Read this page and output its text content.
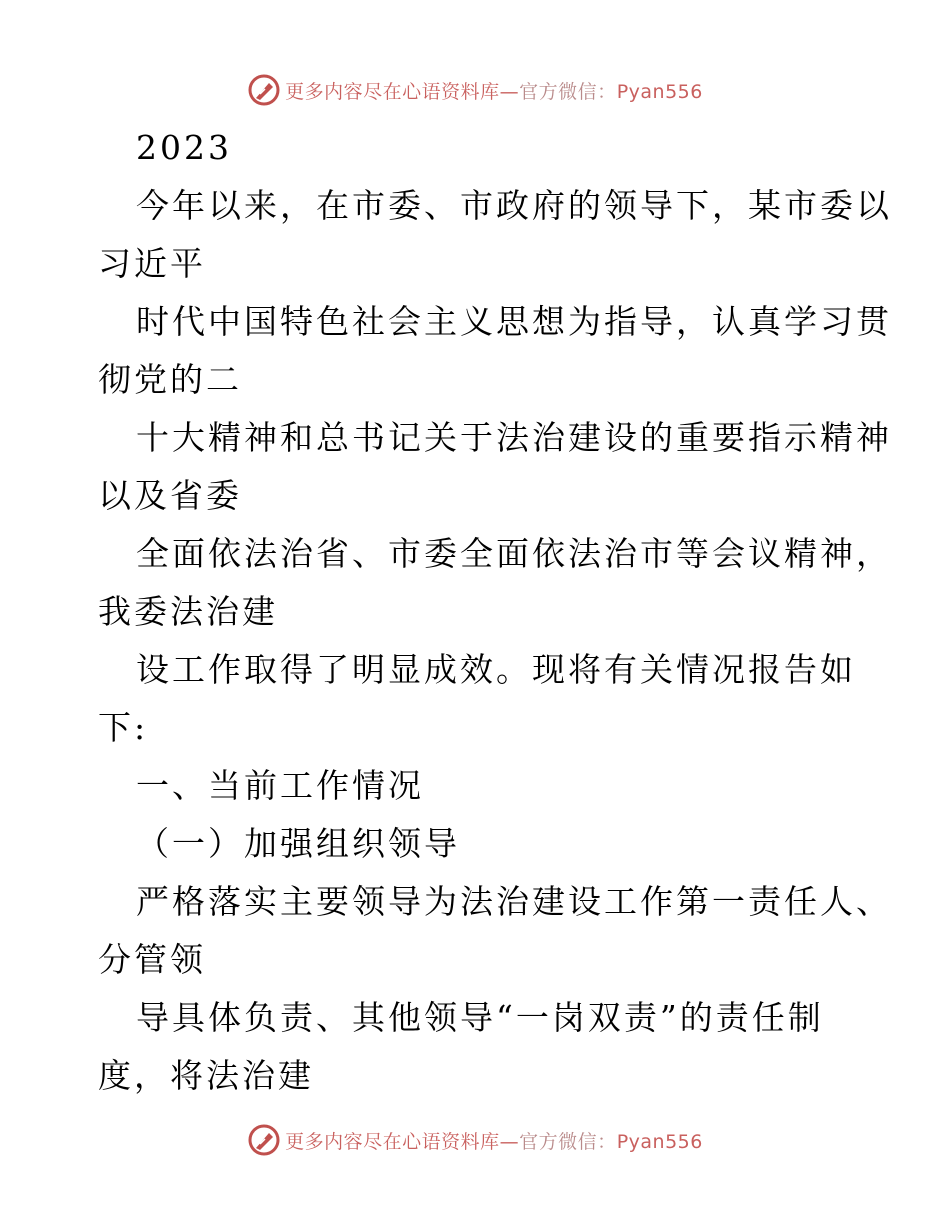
更多内容尽在心语资料库—官方微信：Pyan556
2023
今年以来，在市委、市政府的领导下，某市委以
习近平
时代中国特色社会主义思想为指导，认真学习贯
彻党的二
十大精神和总书记关于法治建设的重要指示精神
以及省委
全面依法治省、市委全面依法治市等会议精神，
我委法治建
设工作取得了明显成效。现将有关情况报告如
下:
一、当前工作情况
（一）加强组织领导
严格落实主要领导为法治建设工作第一责任人、
分管领
导具体负责、其他领导“一岗双责”的责任制
度，将法治建
更多内容尽在心语资料库—官方微信：Pyan556
